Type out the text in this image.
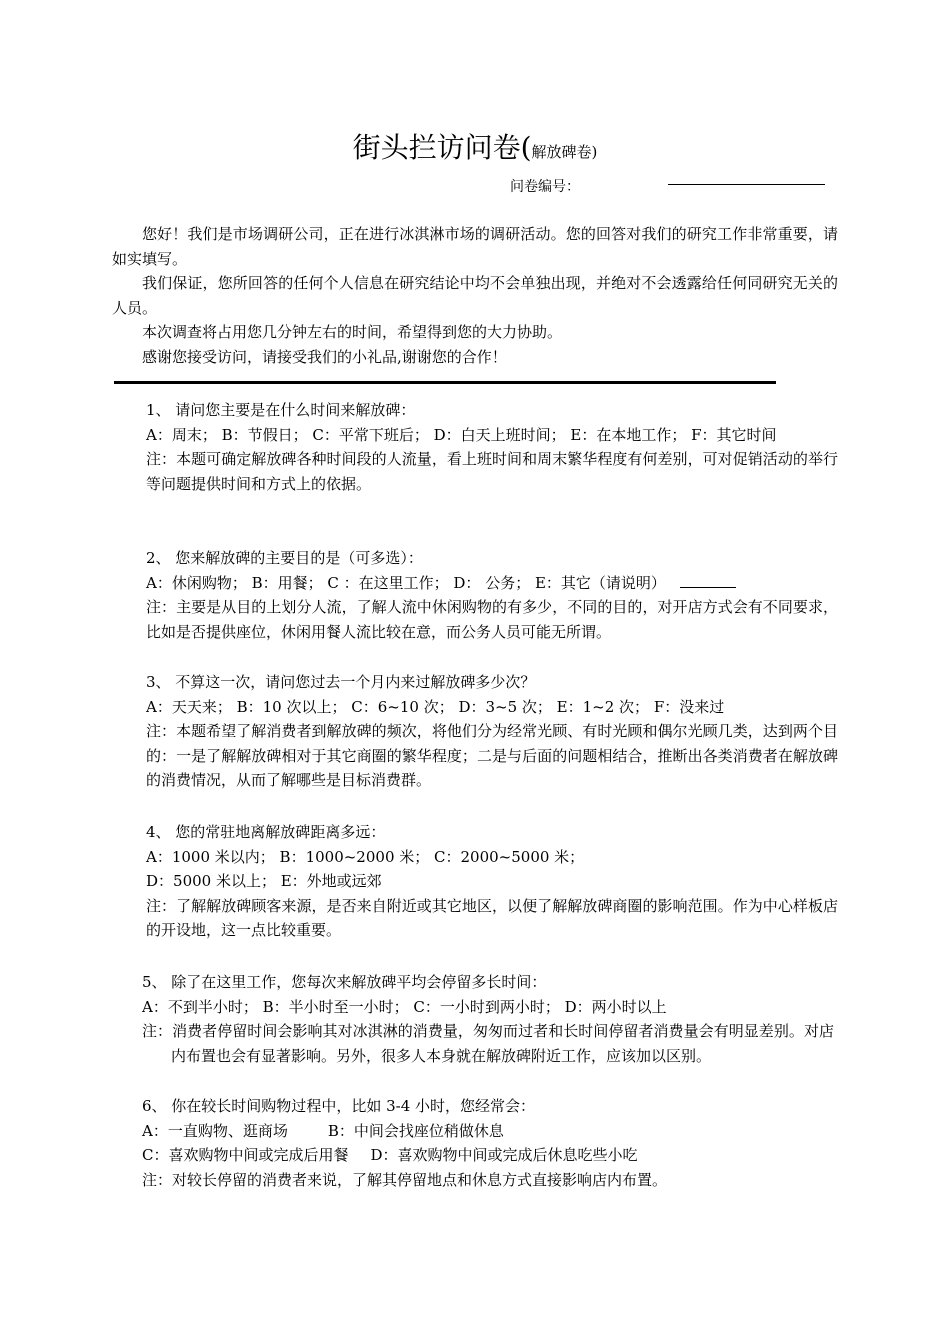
街头拦访问卷(解放碑卷)
问卷编号：

您好！我们是市场调研公司，正在进行冰淇淋市场的调研活动。您的回答对我们的研究工作非常重要，请如实填写。

我们保证，您所回答的任何个人信息在研究结论中均不会单独出现，并绝对不会透露给任何同研究无关的人员。

本次调查将占用您几分钟左右的时间，希望得到您的大力协助。

感谢您接受访问，请接受我们的小礼品,谢谢您的合作！

1、 请问您主要是在什么时间来解放碑：
A：周末； B：节假日； C：平常下班后； D：白天上班时间； E：在本地工作； F：其它时间
注：本题可确定解放碑各种时间段的人流量，看上班时间和周末繁华程度有何差别，可对促销活动的举行等问题提供时间和方式上的依据。
2、 您来解放碑的主要目的是（可多选）：
A：休闲购物； B：用餐； C ：在这里工作； D： 公务； E：其它（请说明）
注：主要是从目的上划分人流，了解人流中休闲购物的有多少，不同的目的，对开店方式会有不同要求，比如是否提供座位，休闲用餐人流比较在意，而公务人员可能无所谓。
3、 不算这一次，请问您过去一个月内来过解放碑多少次？
A：天天来； B：10 次以上； C：6~10 次； D：3~5 次； E：1~2 次； F：没来过
注：本题希望了解消费者到解放碑的频次，将他们分为经常光顾、有时光顾和偶尔光顾几类，达到两个目的：一是了解解放碑相对于其它商圈的繁华程度；二是与后面的问题相结合，推断出各类消费者在解放碑的消费情况，从而了解哪些是目标消费群。
4、 您的常驻地离解放碑距离多远：
A：1000 米以内； B：1000~2000 米； C：2000~5000 米；
D：5000 米以上； E：外地或远郊
注：了解解放碑顾客来源，是否来自附近或其它地区，以便了解解放碑商圈的影响范围。作为中心样板店的开设地，这一点比较重要。
5、 除了在这里工作，您每次来解放碑平均会停留多长时间：
A：不到半小时； B：半小时至一小时； C：一小时到两小时； D：两小时以上
注：消费者停留时间会影响其对冰淇淋的消费量，匆匆而过者和长时间停留者消费量会有明显差别。对店内布置也会有显著影响。另外，很多人本身就在解放碑附近工作，应该加以区别。
6、 你在较长时间购物过程中，比如 3-4 小时，您经常会：
A：一直购物、逛商场	B：中间会找座位稍做休息
C：喜欢购物中间或完成后用餐 D：喜欢购物中间或完成后休息吃些小吃
注：对较长停留的消费者来说，了解其停留地点和休息方式直接影响店内布置。
